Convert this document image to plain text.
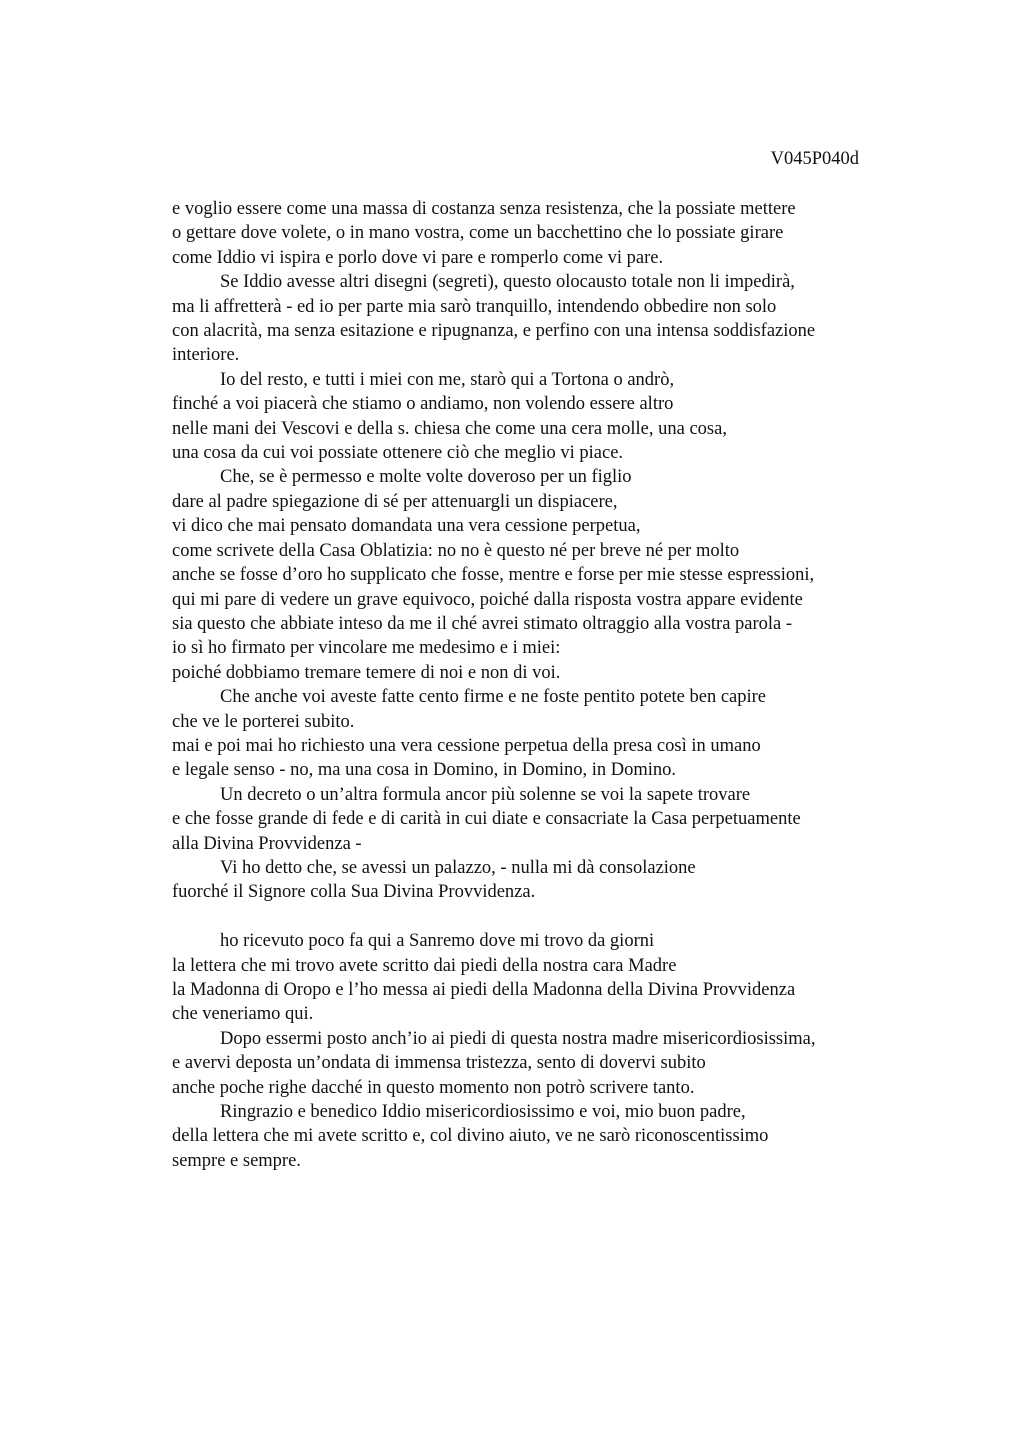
V045P040d
e voglio essere come una massa di costanza senza resistenza, che la possiate mettere
o gettare dove volete, o in mano vostra, come un bacchettino che lo possiate girare
come Iddio vi ispira e porlo dove vi pare e romperlo come vi pare.
Se Iddio avesse altri disegni (segreti), questo olocausto totale non li impedirà,
ma li affretterà - ed io per parte mia sarò tranquillo, intendendo obbedire non solo
con alacrità, ma senza esitazione e ripugnanza, e perfino con una intensa soddisfazione
interiore.
Io del resto, e tutti i miei con me, starò qui a Tortona o andrò,
finché a voi piacerà che stiamo o andiamo, non volendo essere altro
nelle mani dei Vescovi e della s. chiesa che come una cera molle, una cosa,
una cosa da cui voi possiate ottenere ciò che meglio vi piace.
Che, se è permesso e molte volte doveroso per un figlio
dare al padre spiegazione di sé per attenuargli un dispiacere,
vi dico che mai pensato domandata una vera cessione perpetua,
come scrivete della Casa Oblatizia: no no è questo né per breve né per molto
anche se fosse d’oro ho supplicato che fosse, mentre e forse per mie stesse espressioni,
qui mi pare di vedere un grave equivoco, poiché dalla risposta vostra appare evidente
sia questo che abbiate inteso da me il ché avrei stimato oltraggio alla vostra parola -
io sì ho firmato per vincolare me medesimo e i miei:
poiché dobbiamo tremare temere di noi e non di voi.
Che anche voi aveste fatte cento firme e ne foste pentito potete ben capire
che ve le porterei subito.
mai e poi mai ho richiesto una vera cessione perpetua della presa così in umano
e legale senso - no, ma una cosa in Domino, in Domino, in Domino.
Un decreto o un’altra formula ancor più solenne se voi la sapete trovare
e che fosse grande di fede e di carità in cui diate e consacriate la Casa perpetuamente
alla Divina Provvidenza -
Vi ho detto che, se avessi un palazzo, - nulla mi dà consolazione
fuorché il Signore colla Sua Divina Provvidenza.
ho ricevuto poco fa qui a Sanremo dove mi trovo da giorni
la lettera che mi trovo avete scritto dai piedi della nostra cara Madre
la Madonna di Oropo e l’ho messa ai piedi della Madonna della Divina Provvidenza
che veneriamo qui.
Dopo essermi posto anch’io ai piedi di questa nostra madre misericordiosissima,
e avervi deposta un’ondata di immensa tristezza, sento di dovervi subito
anche poche righe dacché in questo momento non potrò scrivere tanto.
Ringrazio e benedico Iddio misericordiosissimo e voi, mio buon padre,
della lettera che mi avete scritto e, col divino aiuto, ve ne sarò riconoscentissimo
sempre e sempre.
